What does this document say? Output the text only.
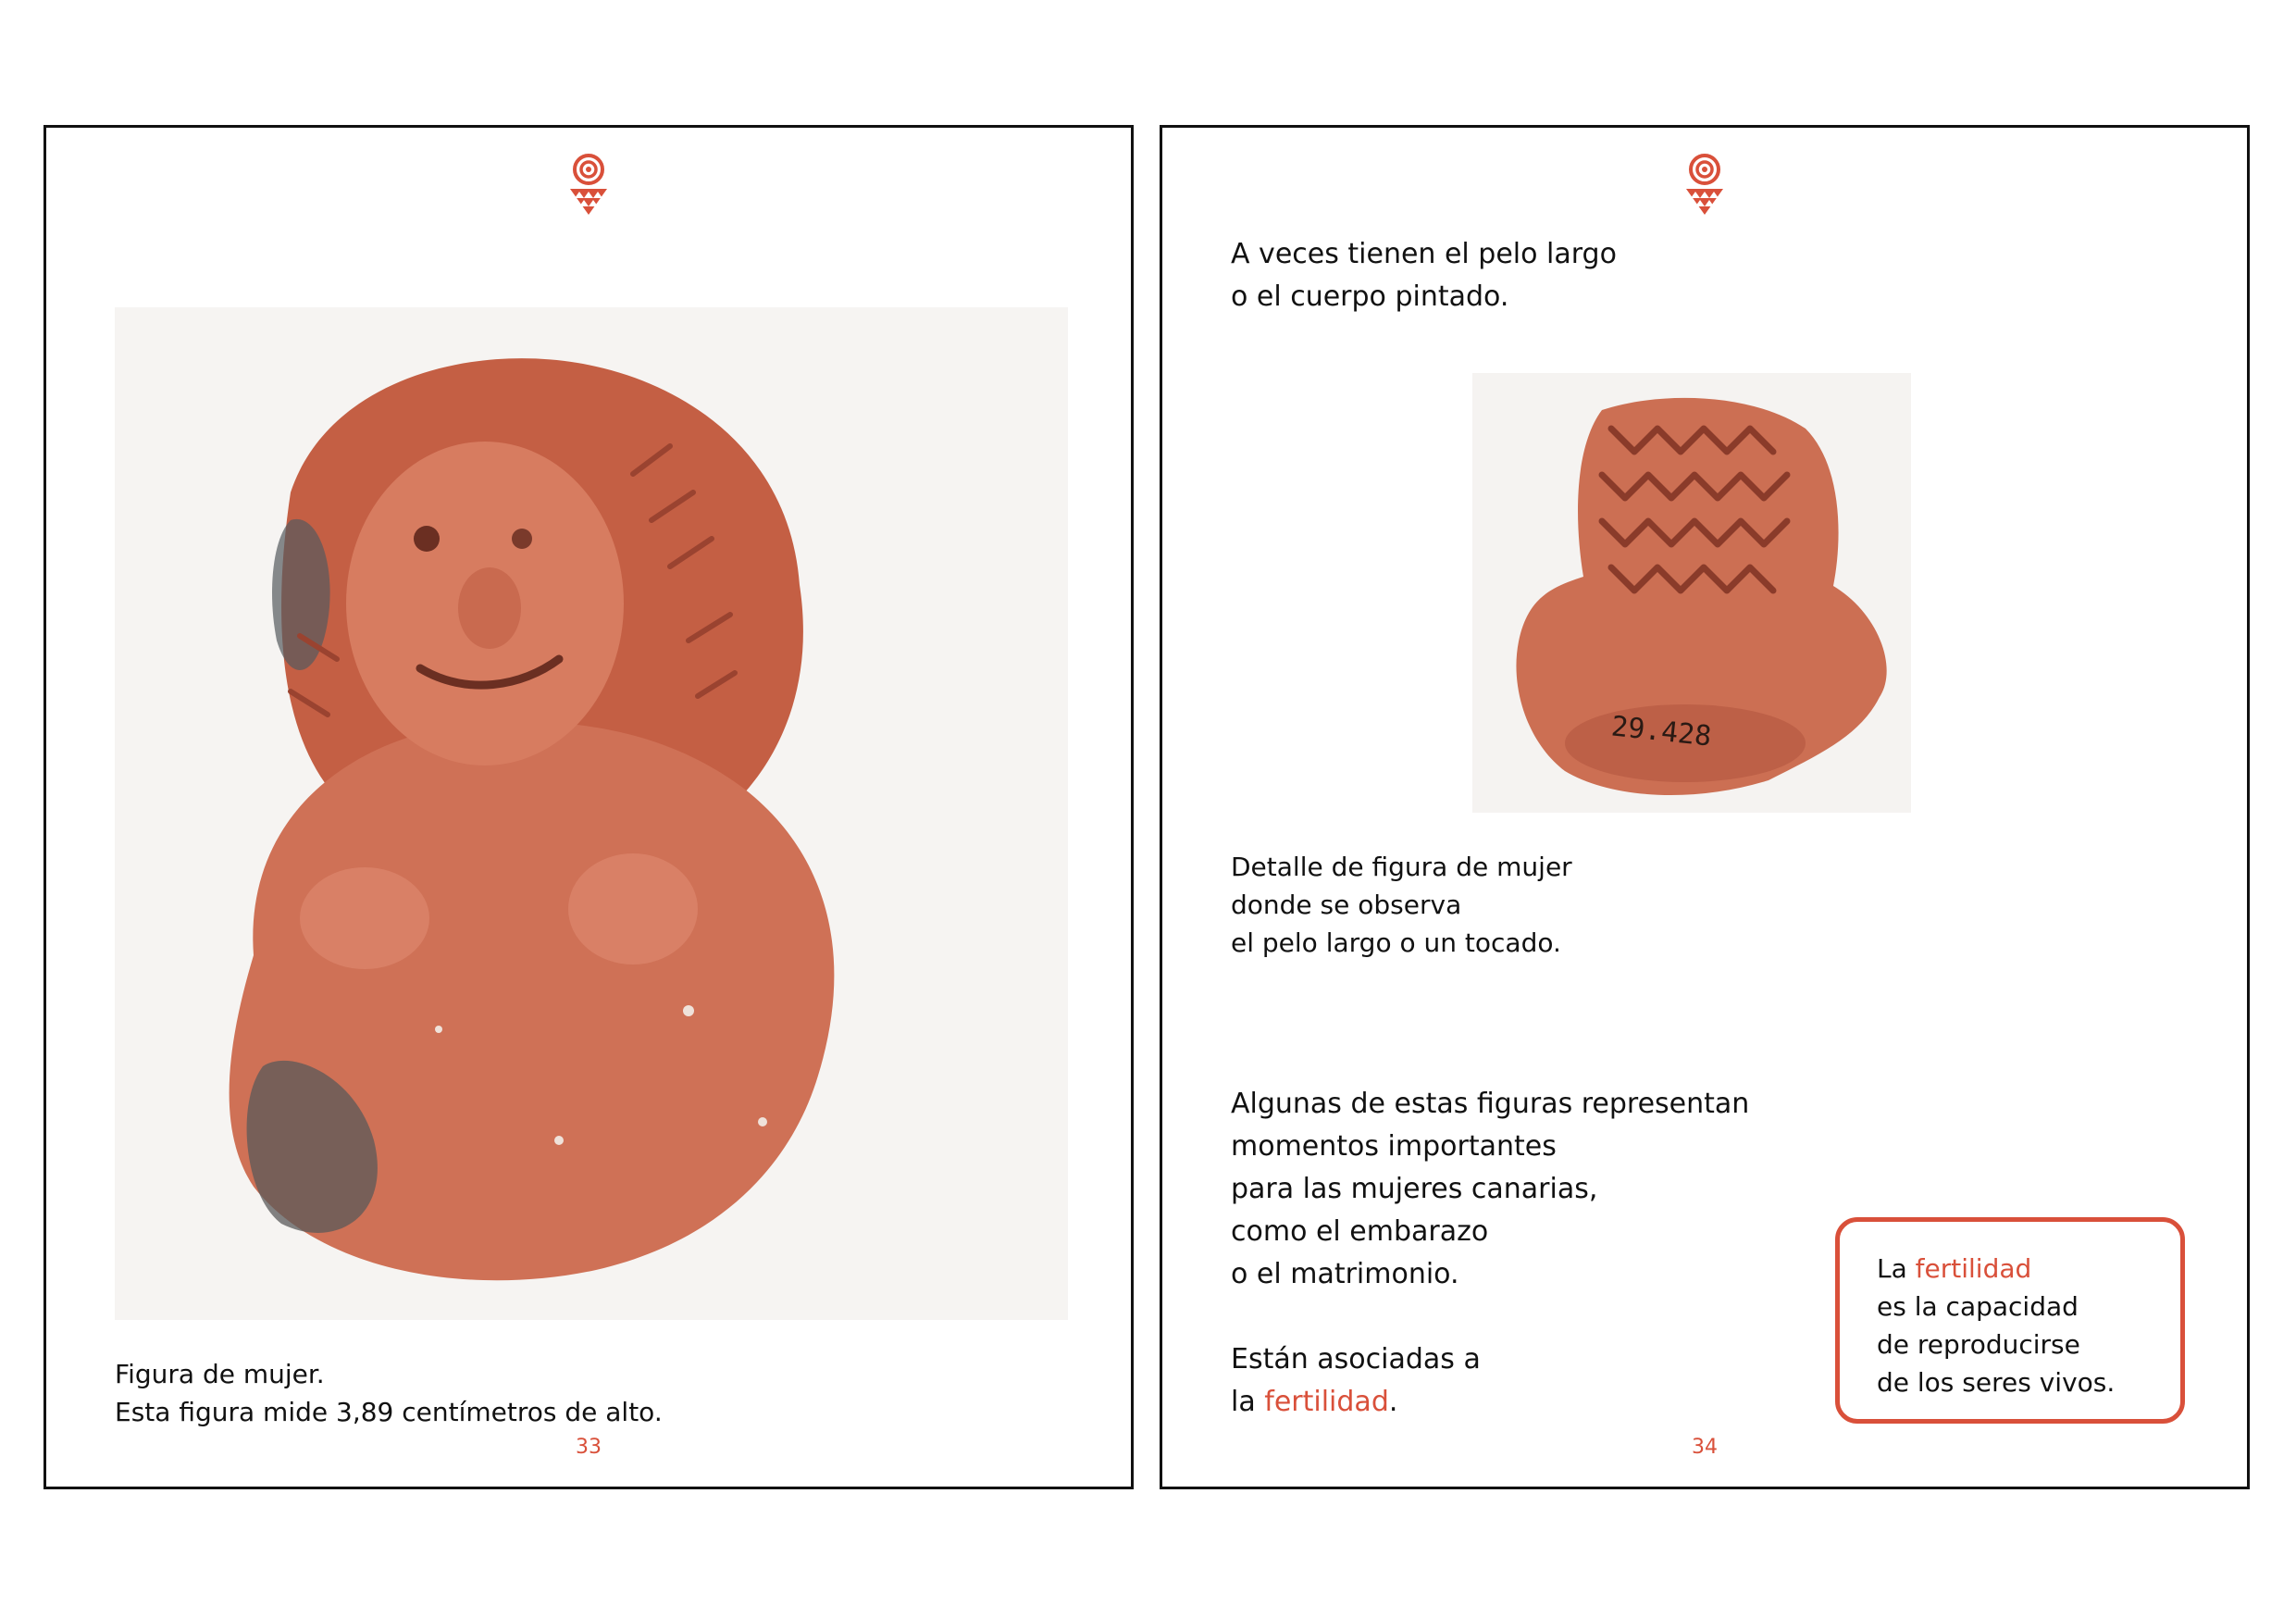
Figura de mujer.
Esta figura mide 3,89 centímetros de alto.
33
A veces tienen el pelo largo
o el cuerpo pintado.
29.428
Detalle de figura de mujer
donde se observa
el pelo largo o un tocado.
Algunas de estas figuras representan
momentos importantes
para las mujeres canarias,
como el embarazo
o el matrimonio.
Están asociadas a
la fertilidad.
La fertilidad
es la capacidad
de reproducirse
de los seres vivos.
34
